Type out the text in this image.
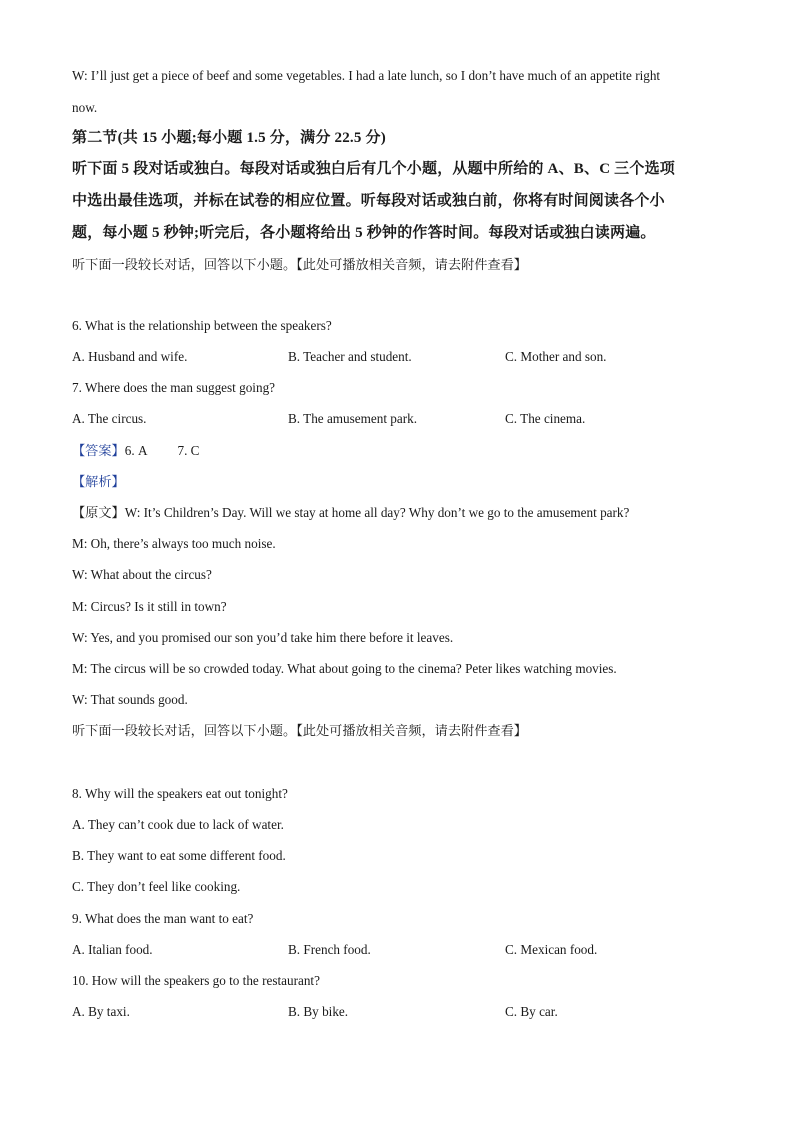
W: I’ll just get a piece of beef and some vegetables. I had a late lunch, so I don’t have much of an appetite right
now.
第二节(共 15 小题;每小题 1.5 分，满分 22.5 分)
听下面 5 段对话或独白。每段对话或独白后有几个小题，从题中所给的 A、B、C 三个选项
中选出最佳选项，并标在试卷的相应位置。听每段对话或独白前，你将有时间阅读各个小
题，每小题 5 秒钟;听完后，各小题将给出 5 秒钟的作答时间。每段对话或独白读两遍。
听下面一段较长对话，回答以下小题。【此处可播放相关音频，请去附件查看】
6. What is the relationship between the speakers?
A. Husband and wife.	B. Teacher and student.	C. Mother and son.
7. Where does the man suggest going?
A. The circus.	B. The amusement park.	C. The cinema.
【答案】6. A 7. C
【解析】
【原文】W: It’s Children’s Day. Will we stay at home all day? Why don’t we go to the amusement park?
M: Oh, there’s always too much noise.
W: What about the circus?
M: Circus? Is it still in town?
W: Yes, and you promised our son you’d take him there before it leaves.
M: The circus will be so crowded today. What about going to the cinema? Peter likes watching movies.
W: That sounds good.
听下面一段较长对话，回答以下小题。【此处可播放相关音频，请去附件查看】
8. Why will the speakers eat out tonight?
A. They can’t cook due to lack of water.
B. They want to eat some different food.
C. They don’t feel like cooking.
9. What does the man want to eat?
A. Italian food.	B. French food.	C. Mexican food.
10. How will the speakers go to the restaurant?
A. By taxi.	B. By bike.	C. By car.
